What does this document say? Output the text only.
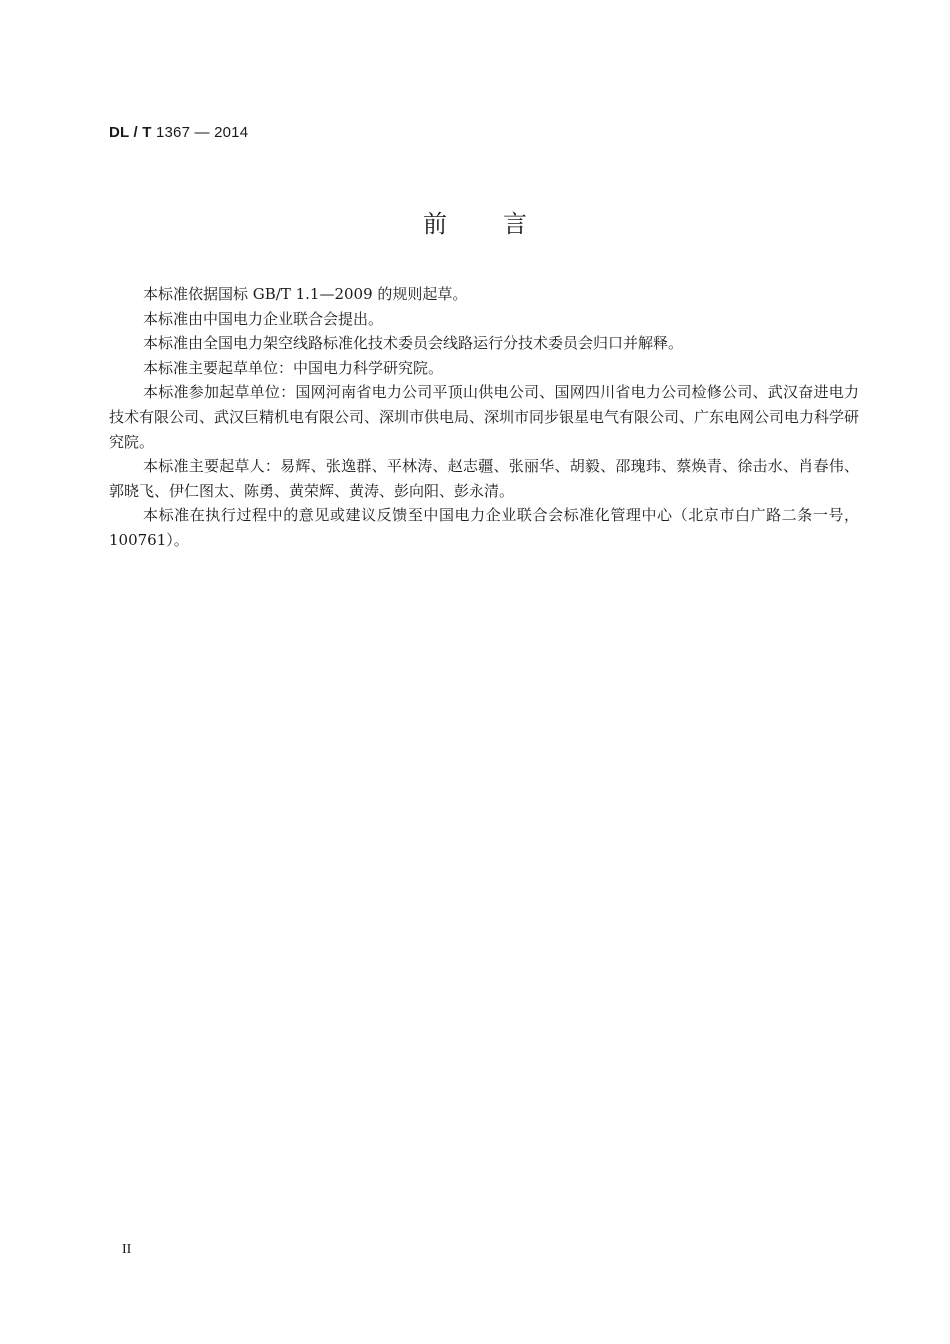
DL / T 1367 — 2014
前言

本标准依据国标 GB/T 1.1—2009 的规则起草。

本标准由中国电力企业联合会提出。

本标准由全国电力架空线路标准化技术委员会线路运行分技术委员会归口并解释。

本标准主要起草单位：中国电力科学研究院。

本标准参加起草单位：国网河南省电力公司平顶山供电公司、国网四川省电力公司检修公司、武汉奋进电力技术有限公司、武汉巨精机电有限公司、深圳市供电局、深圳市同步银星电气有限公司、广东电网公司电力科学研究院。

本标准主要起草人：易辉、张逸群、平林涛、赵志疆、张丽华、胡毅、邵瑰玮、蔡焕青、徐击水、肖春伟、郭晓飞、伊仁图太、陈勇、黄荣辉、黄涛、彭向阳、彭永清。

本标准在执行过程中的意见或建议反馈至中国电力企业联合会标准化管理中心（北京市白广路二条一号，100761）。

II
